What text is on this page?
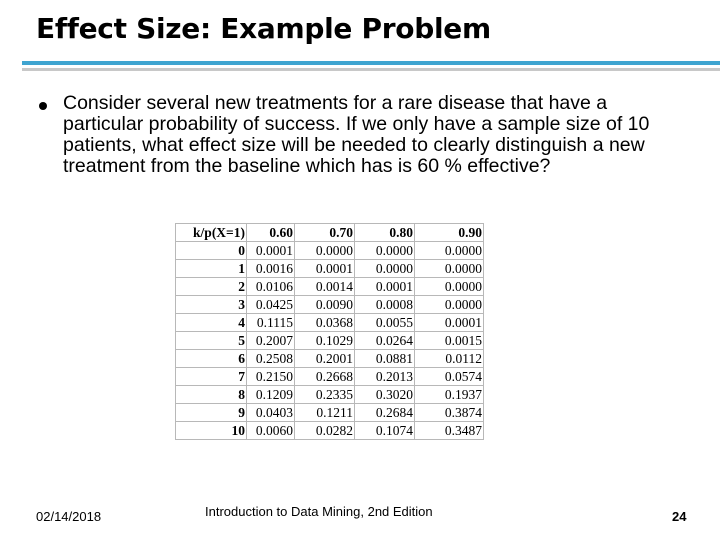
Effect Size: Example Problem
Consider several new treatments for a rare disease that have a particular probability of success. If we only have a sample size of 10 patients, what effect size will be needed to clearly distinguish a new treatment from the baseline which has is 60 % effective?
k/p(X=1)	0.60	0.70	0.80	0.90
0	0.0001	0.0000	0.0000	0.0000
1	0.0016	0.0001	0.0000	0.0000
2	0.0106	0.0014	0.0001	0.0000
3	0.0425	0.0090	0.0008	0.0000
4	0.1115	0.0368	0.0055	0.0001
5	0.2007	0.1029	0.0264	0.0015
6	0.2508	0.2001	0.0881	0.0112
7	0.2150	0.2668	0.2013	0.0574
8	0.1209	0.2335	0.3020	0.1937
9	0.0403	0.1211	0.2684	0.3874
10	0.0060	0.0282	0.1074	0.3487
02/14/2018	Introduction to Data Mining, 2nd Edition	24
